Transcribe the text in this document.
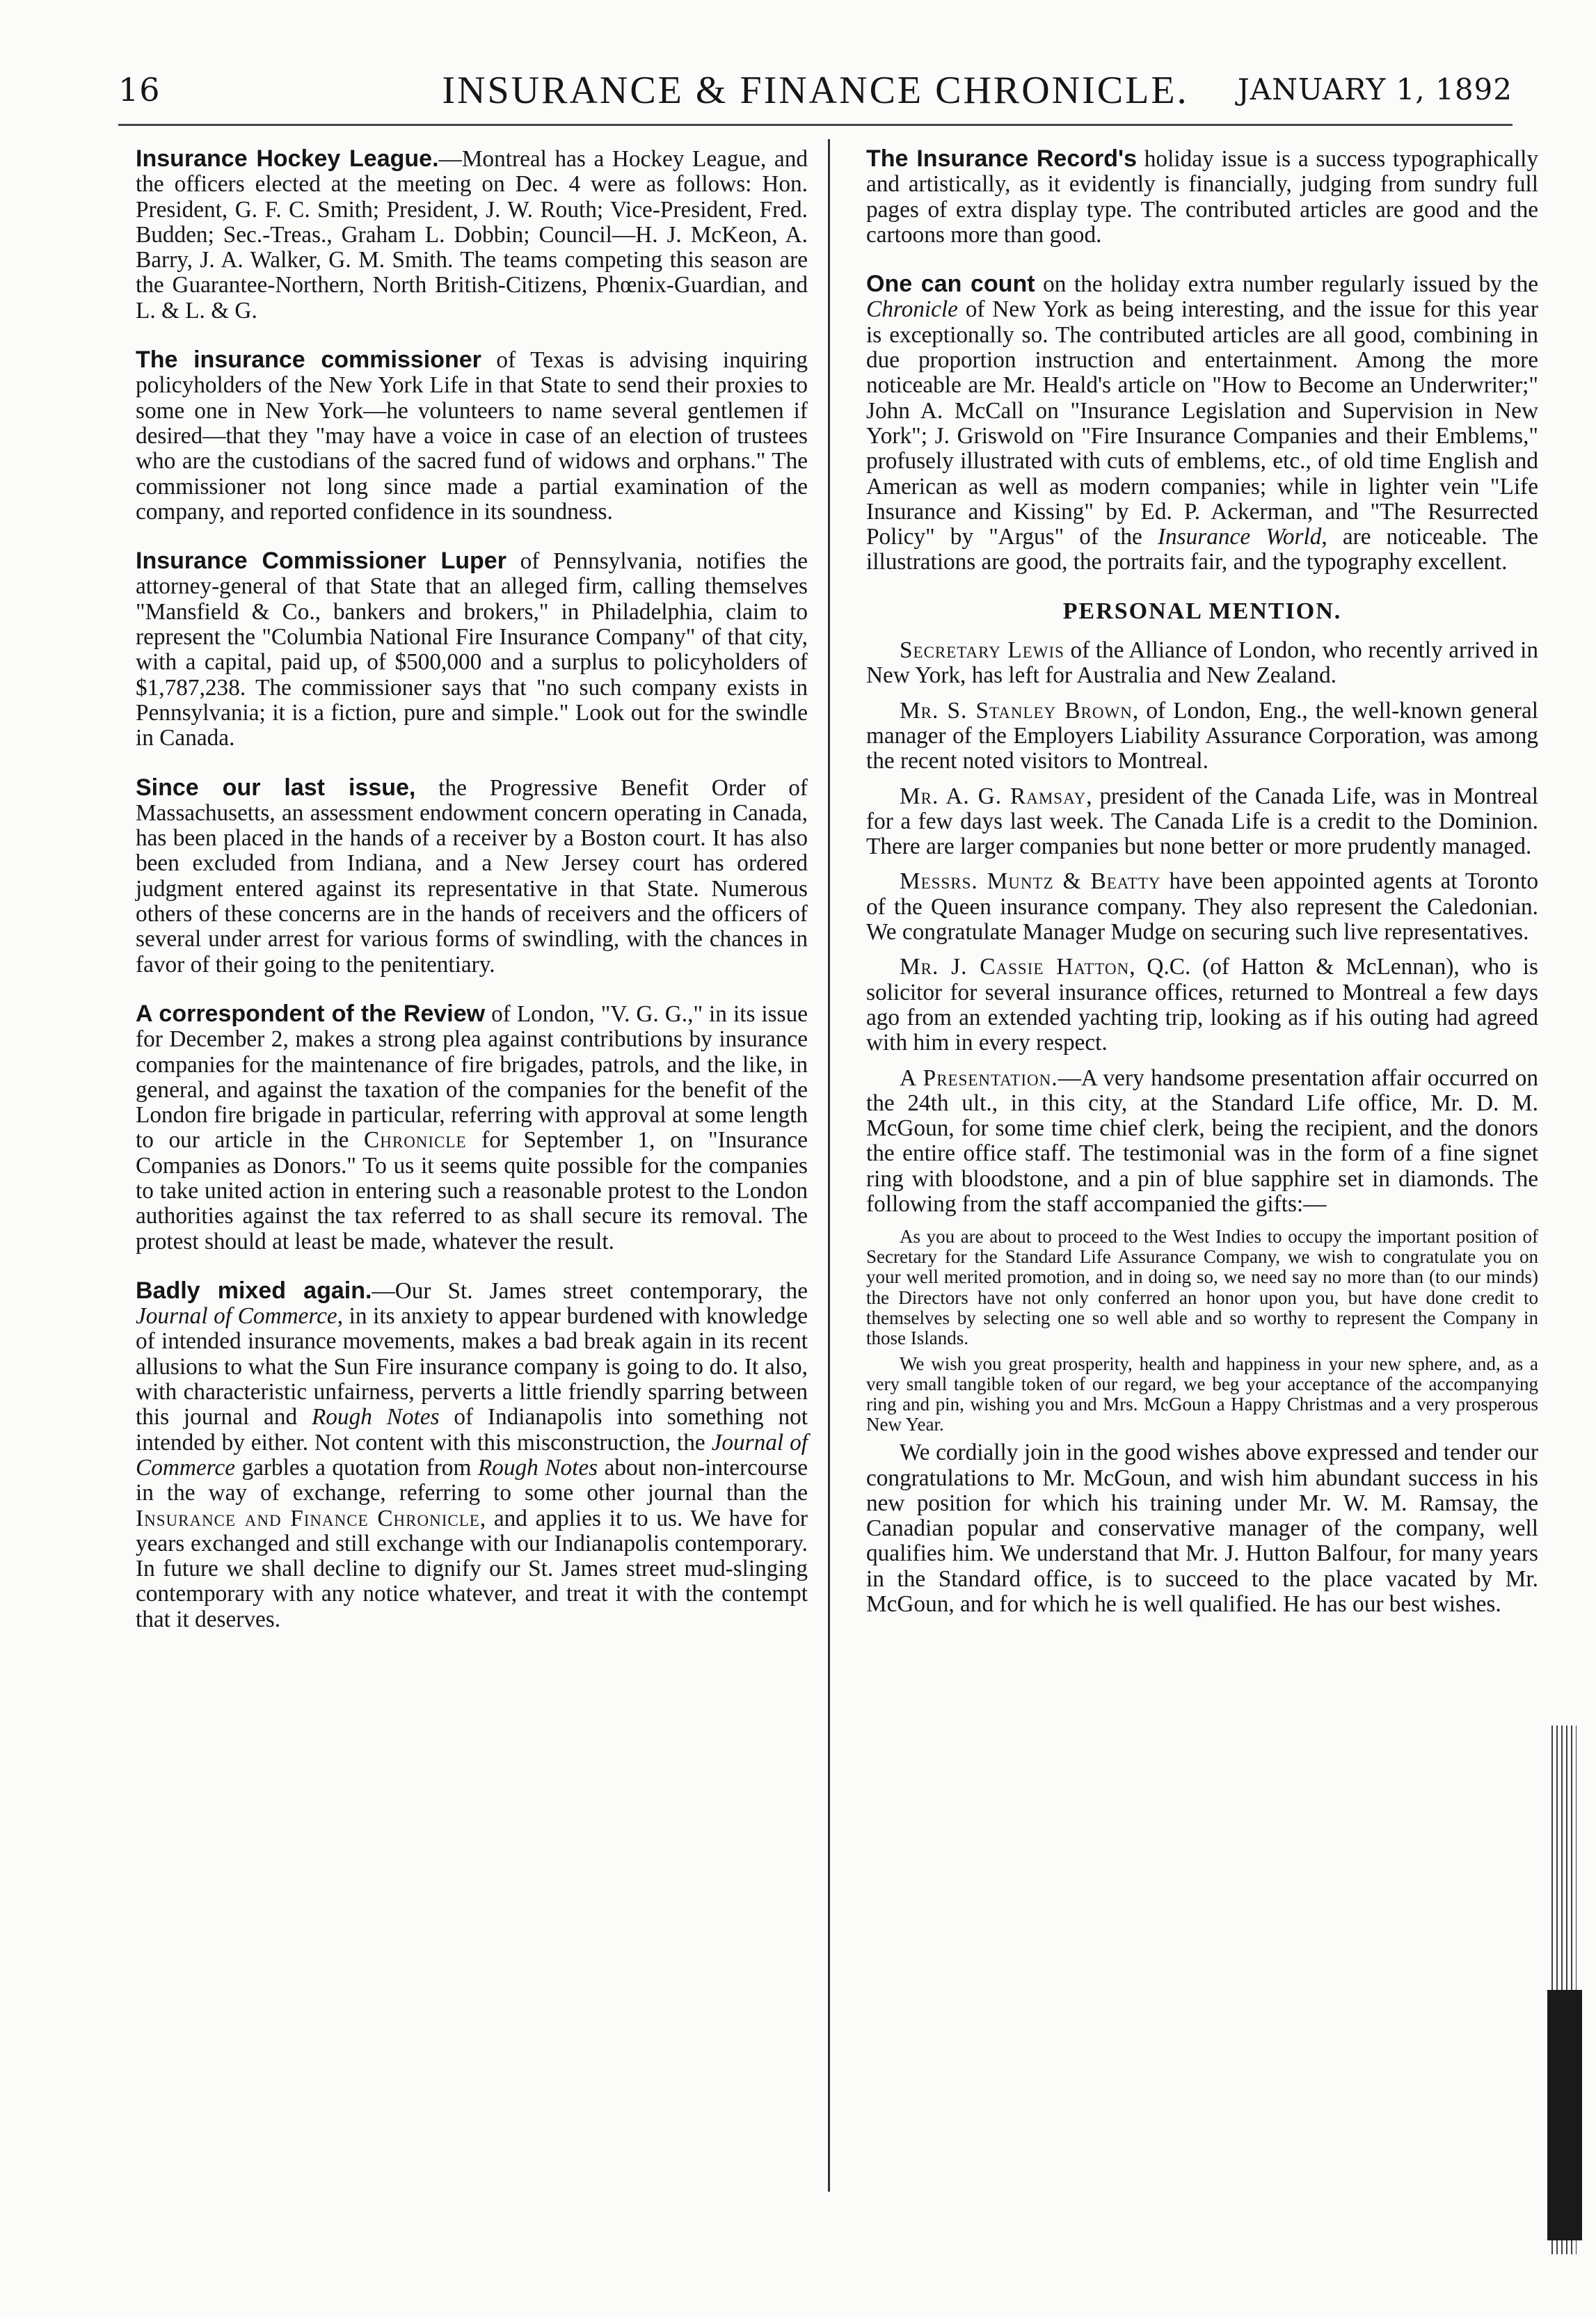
16	INSURANCE & FINANCE CHRONICLE.	JANUARY 1, 1892

Insurance Hockey League.—Montreal has a Hockey League, and the officers elected at the meeting on Dec. 4 were as follows: Hon. President, G. F. C. Smith; President, J. W. Routh; Vice-President, Fred. Budden; Sec.-Treas., Graham L. Dobbin; Council—H. J. McKeon, A. Barry, J. A. Walker, G. M. Smith. The teams competing this season are the Guarantee-Northern, North British-Citizens, Phœnix-Guardian, and L. & L. & G.

The insurance commissioner of Texas is advising inquiring policyholders of the New York Life in that State to send their proxies to some one in New York—he volunteers to name several gentlemen if desired—that they "may have a voice in case of an election of trustees who are the custodians of the sacred fund of widows and orphans." The commissioner not long since made a partial examination of the company, and reported confidence in its soundness.

Insurance Commissioner Luper of Pennsylvania, notifies the attorney-general of that State that an alleged firm, calling themselves "Mansfield & Co., bankers and brokers," in Philadelphia, claim to represent the "Columbia National Fire Insurance Company" of that city, with a capital, paid up, of $500,000 and a surplus to policyholders of $1,787,238. The commissioner says that "no such company exists in Pennsylvania; it is a fiction, pure and simple." Look out for the swindle in Canada.

Since our last issue, the Progressive Benefit Order of Massachusetts, an assessment endowment concern operating in Canada, has been placed in the hands of a receiver by a Boston court. It has also been excluded from Indiana, and a New Jersey court has ordered judgment entered against its representative in that State. Numerous others of these concerns are in the hands of receivers and the officers of several under arrest for various forms of swindling, with the chances in favor of their going to the penitentiary.

A correspondent of the Review of London, "V. G. G.," in its issue for December 2, makes a strong plea against contributions by insurance companies for the maintenance of fire brigades, patrols, and the like, in general, and against the taxation of the companies for the benefit of the London fire brigade in particular, referring with approval at some length to our article in the Chronicle for September 1, on "Insurance Companies as Donors." To us it seems quite possible for the companies to take united action in entering such a reasonable protest to the London authorities against the tax referred to as shall secure its removal. The protest should at least be made, whatever the result.

Badly mixed again.—Our St. James street contemporary, the Journal of Commerce, in its anxiety to appear burdened with knowledge of intended insurance movements, makes a bad break again in its recent allusions to what the Sun Fire insurance company is going to do. It also, with characteristic unfairness, perverts a little friendly sparring between this journal and Rough Notes of Indianapolis into something not intended by either. Not content with this misconstruction, the Journal of Commerce garbles a quotation from Rough Notes about non-intercourse in the way of exchange, referring to some other journal than the Insurance and Finance Chronicle, and applies it to us. We have for years exchanged and still exchange with our Indianapolis contemporary. In future we shall decline to dignify our St. James street mud-slinging contemporary with any notice whatever, and treat it with the contempt that it deserves.

The Insurance Record's holiday issue is a success typographically and artistically, as it evidently is financially, judging from sundry full pages of extra display type. The contributed articles are good and the cartoons more than good.

One can count on the holiday extra number regularly issued by the Chronicle of New York as being interesting, and the issue for this year is exceptionally so. The contributed articles are all good, combining in due proportion instruction and entertainment. Among the more noticeable are Mr. Heald's article on "How to Become an Underwriter;" John A. McCall on "Insurance Legislation and Supervision in New York"; J. Griswold on "Fire Insurance Companies and their Emblems," profusely illustrated with cuts of emblems, etc., of old time English and American as well as modern companies; while in lighter vein "Life Insurance and Kissing" by Ed. P. Ackerman, and "The Resurrected Policy" by "Argus" of the Insurance World, are noticeable. The illustrations are good, the portraits fair, and the typography excellent.

PERSONAL MENTION.

Secretary Lewis of the Alliance of London, who recently arrived in New York, has left for Australia and New Zealand.

Mr. S. Stanley Brown, of London, Eng., the well-known general manager of the Employers Liability Assurance Corporation, was among the recent noted visitors to Montreal.

Mr. A. G. Ramsay, president of the Canada Life, was in Montreal for a few days last week. The Canada Life is a credit to the Dominion. There are larger companies but none better or more prudently managed.

Messrs. Muntz & Beatty have been appointed agents at Toronto of the Queen insurance company. They also represent the Caledonian. We congratulate Manager Mudge on securing such live representatives.

Mr. J. Cassie Hatton, Q.C. (of Hatton & McLennan), who is solicitor for several insurance offices, returned to Montreal a few days ago from an extended yachting trip, looking as if his outing had agreed with him in every respect.

A Presentation.—A very handsome presentation affair occurred on the 24th ult., in this city, at the Standard Life office, Mr. D. M. McGoun, for some time chief clerk, being the recipient, and the donors the entire office staff. The testimonial was in the form of a fine signet ring with bloodstone, and a pin of blue sapphire set in diamonds. The following from the staff accompanied the gifts:—

As you are about to proceed to the West Indies to occupy the important position of Secretary for the Standard Life Assurance Company, we wish to congratulate you on your well merited promotion, and in doing so, we need say no more than (to our minds) the Directors have not only conferred an honor upon you, but have done credit to themselves by selecting one so well able and so worthy to represent the Company in those Islands.

We wish you great prosperity, health and happiness in your new sphere, and, as a very small tangible token of our regard, we beg your acceptance of the accompanying ring and pin, wishing you and Mrs. McGoun a Happy Christmas and a very prosperous New Year.

We cordially join in the good wishes above expressed and tender our congratulations to Mr. McGoun, and wish him abundant success in his new position for which his training under Mr. W. M. Ramsay, the Canadian popular and conservative manager of the company, well qualifies him. We understand that Mr. J. Hutton Balfour, for many years in the Standard office, is to succeed to the place vacated by Mr. McGoun, and for which he is well qualified. He has our best wishes.
